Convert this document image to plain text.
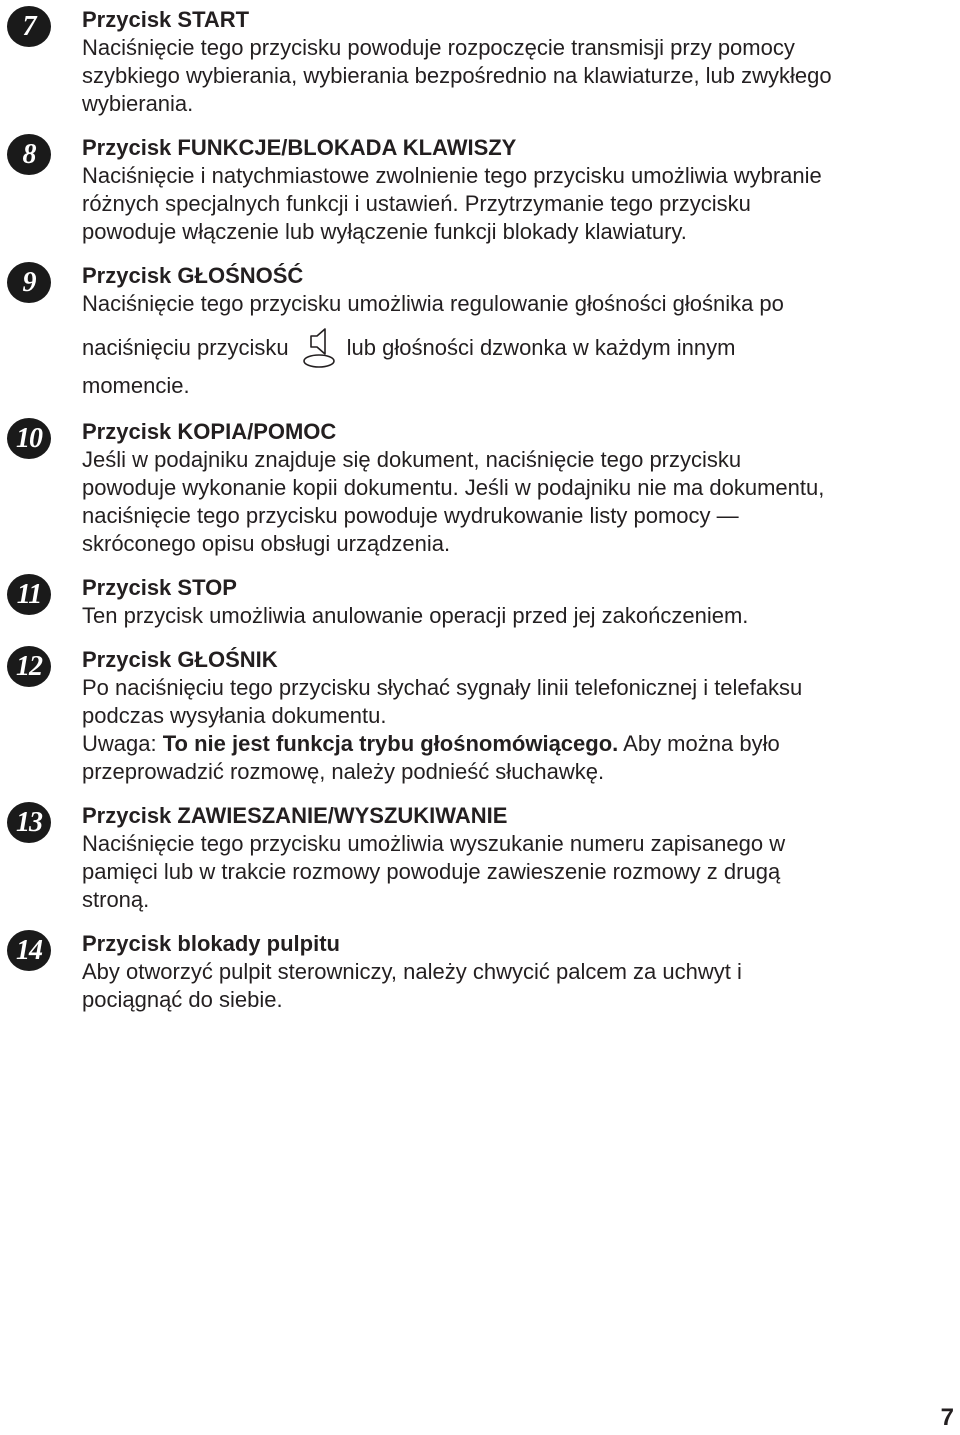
7	Przycisk START
Naciśnięcie tego przycisku powoduje rozpoczęcie transmisji przy pomocy
szybkiego wybierania, wybierania bezpośrednio na klawiaturze, lub zwykłego
wybierania.
8	Przycisk FUNKCJE/BLOKADA KLAWISZY
Naciśnięcie i natychmiastowe zwolnienie tego przycisku umożliwia wybranie
różnych specjalnych funkcji i ustawień. Przytrzymanie tego przycisku
powoduje włączenie lub wyłączenie funkcji blokady klawiatury.
9	Przycisk GŁOŚNOŚĆ
Naciśnięcie tego przycisku umożliwia regulowanie głośności głośnika po
naciśnięciu przycisku	lub głośności dzwonka w każdym innym
momencie.
10	Przycisk KOPIA/POMOC
Jeśli w podajniku znajduje się dokument, naciśnięcie tego przycisku
powoduje wykonanie kopii dokumentu. Jeśli w podajniku nie ma dokumentu,
naciśnięcie tego przycisku powoduje wydrukowanie listy pomocy —
skróconego opisu obsługi urządzenia.
11	Przycisk STOP
Ten przycisk umożliwia anulowanie operacji przed jej zakończeniem.
12	Przycisk GŁOŚNIK
Po naciśnięciu tego przycisku słychać sygnały linii telefonicznej i telefaksu
podczas wysyłania dokumentu.
Uwaga: To nie jest funkcja trybu głośnomówiącego. Aby można było
przeprowadzić rozmowę, należy podnieść słuchawkę.
13	Przycisk ZAWIESZANIE/WYSZUKIWANIE
Naciśnięcie tego przycisku umożliwia wyszukanie numeru zapisanego w
pamięci lub w trakcie rozmowy powoduje zawieszenie rozmowy z drugą
stroną.
14	Przycisk blokady pulpitu
Aby otworzyć pulpit sterowniczy, należy chwycić palcem za uchwyt i
pociągnąć do siebie.
7
